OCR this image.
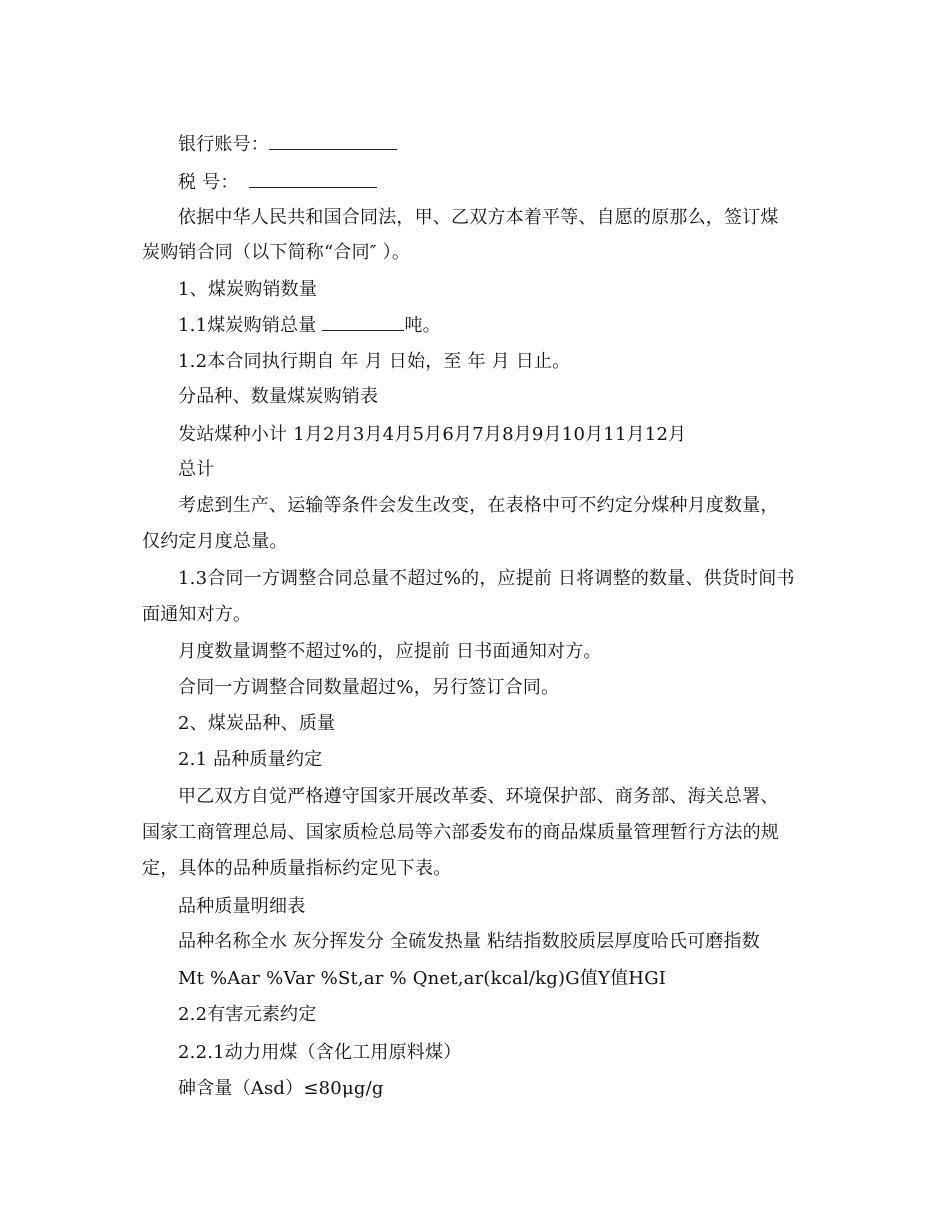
银行账号：
税 号：
依据中华人民共和国合同法，甲、乙双方本着平等、自愿的原那么，签订煤
炭购销合同（以下简称“合同″ ）。
1、煤炭购销数量
1.1煤炭购销总量	吨。
1.2本合同执行期自 年 月 日始，至 年 月 日止。
分品种、数量煤炭购销表
发站煤种小计 1月2月3月4月5月6月7月8月9月10月11月12月
总计
考虑到生产、运输等条件会发生改变，在表格中可不约定分煤种月度数量，
仅约定月度总量。
1.3合同一方调整合同总量不超过%的，应提前 日将调整的数量、供货时间书
面通知对方。
月度数量调整不超过%的，应提前 日书面通知对方。
合同一方调整合同数量超过%，另行签订合同。
2、煤炭品种、质量
2.1 品种质量约定
甲乙双方自觉严格遵守国家开展改革委、环境保护部、商务部、海关总署、
国家工商管理总局、国家质检总局等六部委发布的商品煤质量管理暂行方法的规
定，具体的品种质量指标约定见下表。
品种质量明细表
品种名称全水 灰分挥发分 全硫发热量 粘结指数胶质层厚度哈氏可磨指数
Mt %Aar %Var %St,ar % Qnet,ar(kcal/kg)G值Y值HGI
2.2有害元素约定
2.2.1动力用煤（含化工用原料煤）
砷含量（Asd）≤80μg/g
